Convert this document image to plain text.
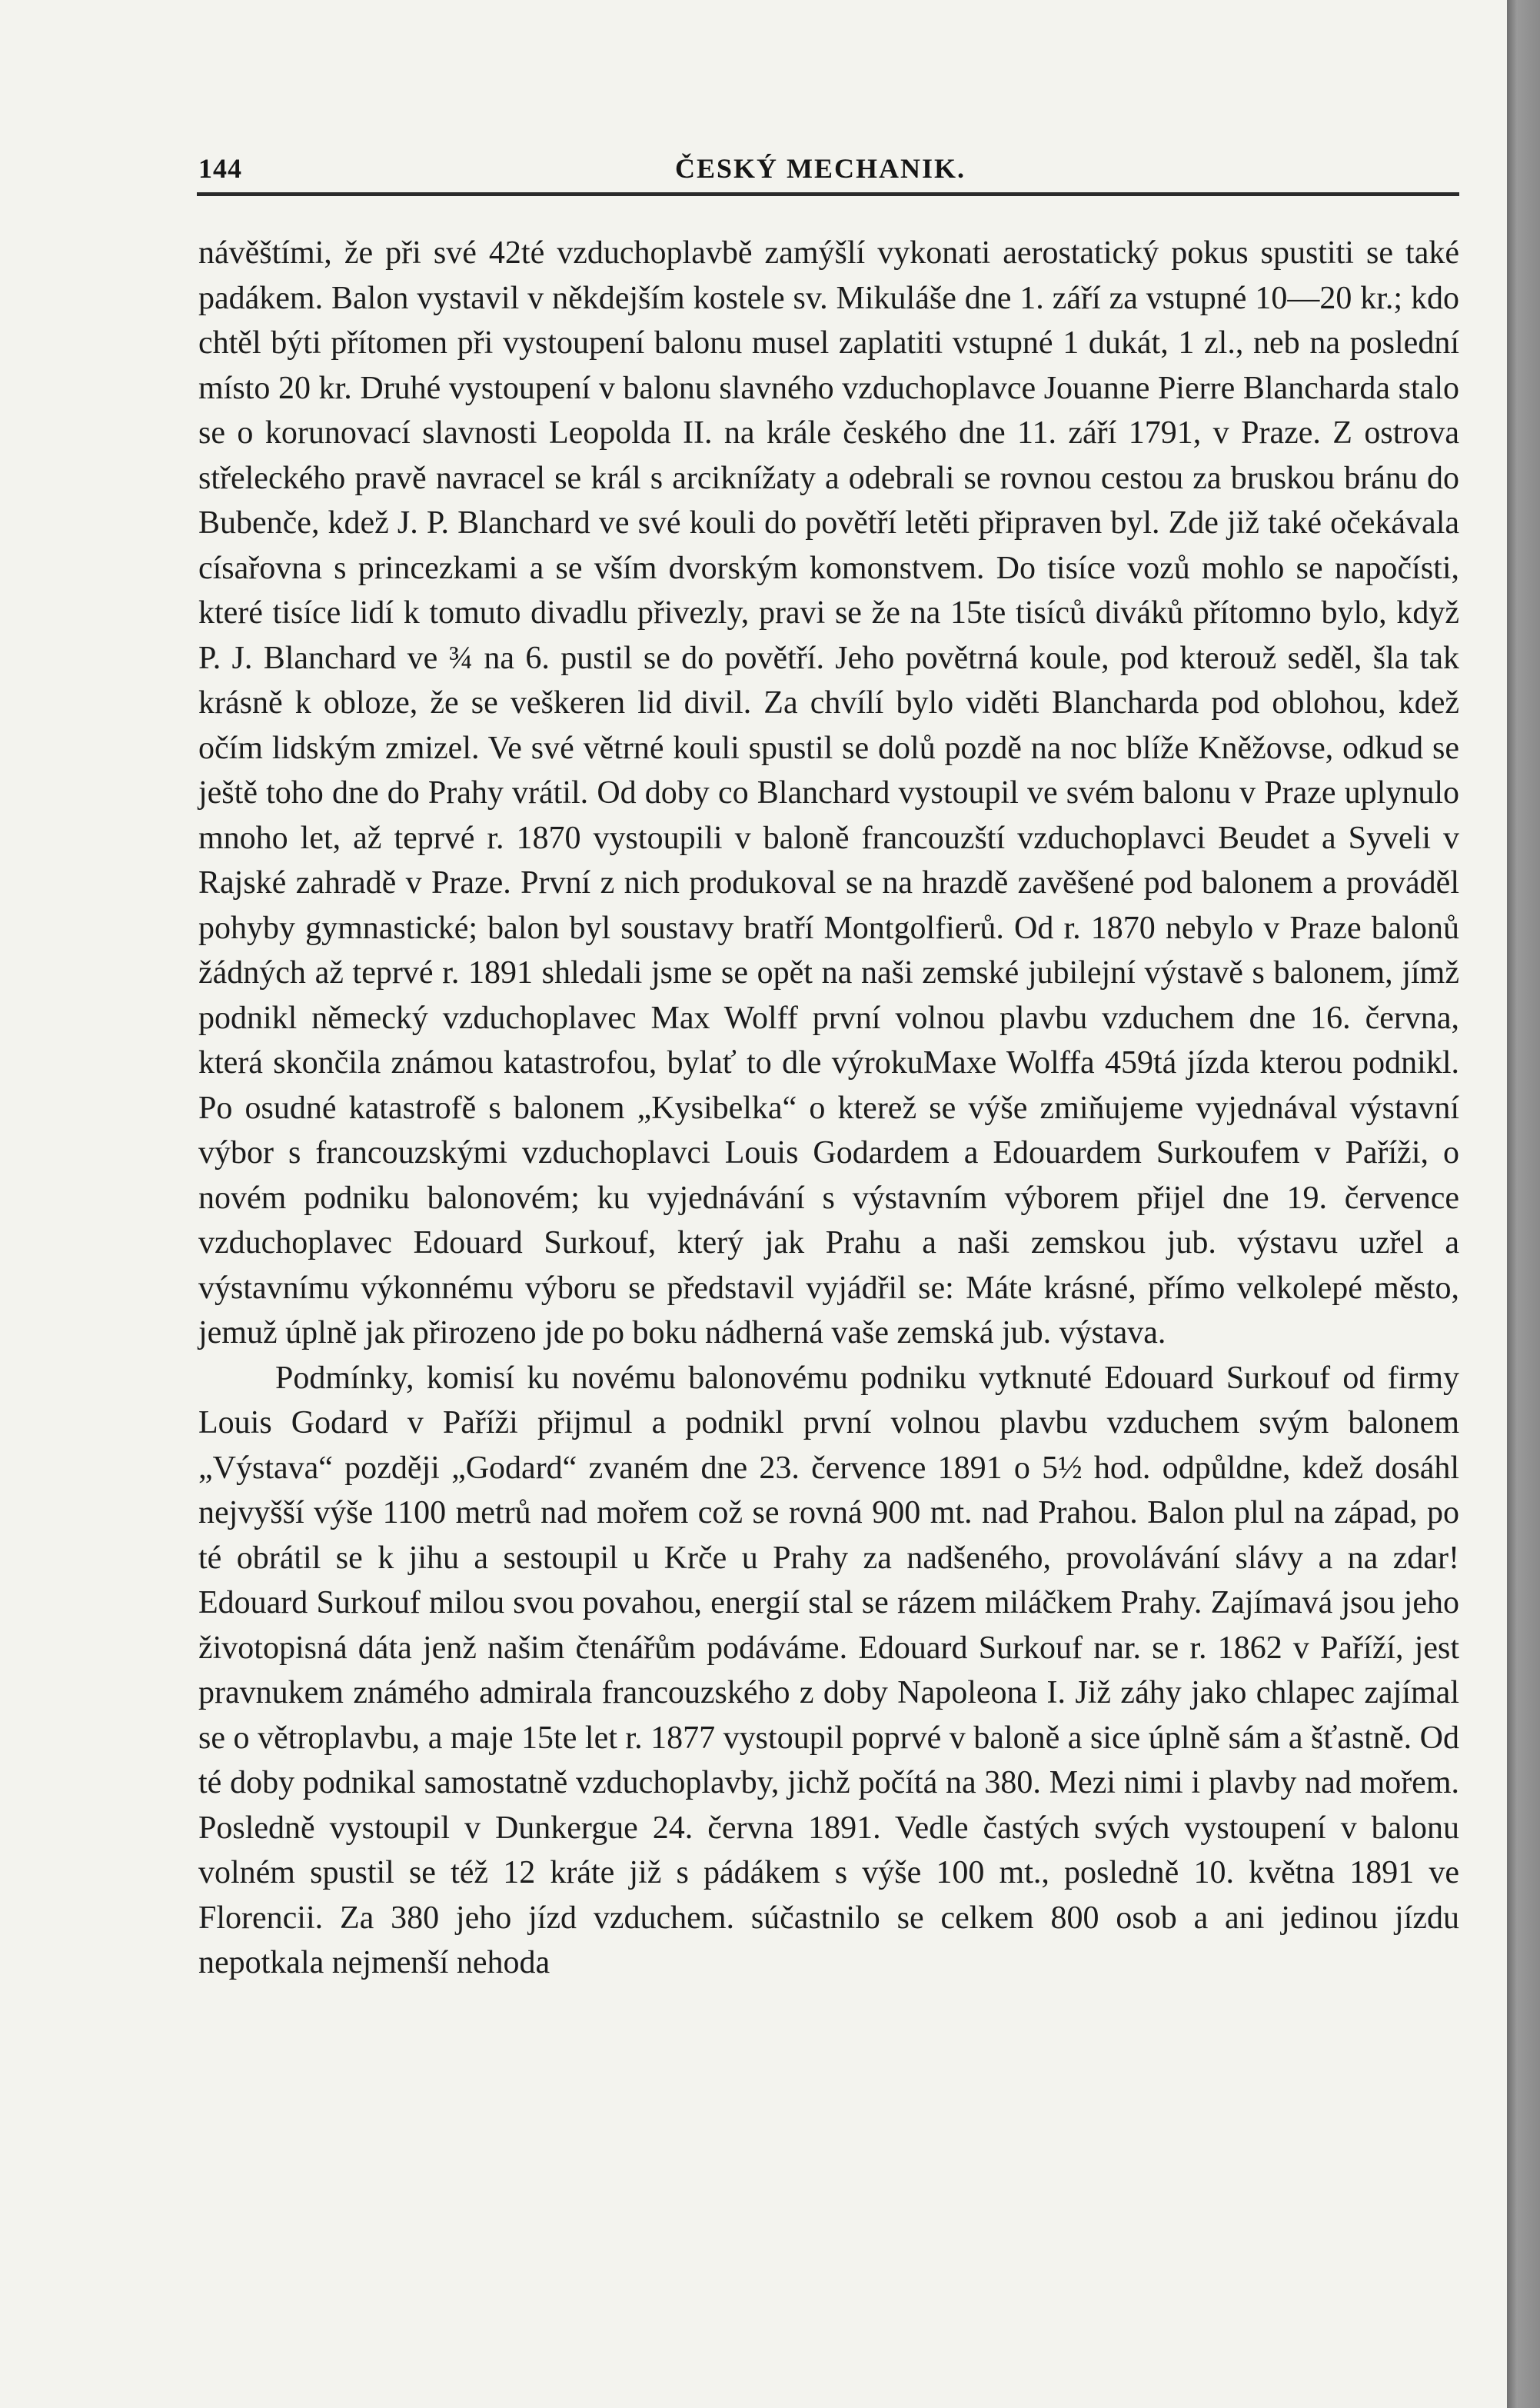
144	ČESKÝ MECHANIK.

návěštími, že při své 42té vzduchoplavbě zamýšlí vykonati aerostatický pokus spustiti se také padákem. Balon vystavil v někdejším kostele sv. Mikuláše dne 1. září za vstupné 10—20 kr.; kdo chtěl býti přítomen při vystoupení balonu musel zaplatiti vstupné 1 dukát, 1 zl., neb na poslední místo 20 kr. Druhé vystoupení v balonu slavného vzduchoplavce Jouanne Pierre Blancharda stalo se o korunovací slavnosti Leopolda II. na krále českého dne 11. září 1791, v Praze. Z ostrova střeleckého pravě navracel se král s arciknížaty a odebrali se rovnou cestou za bruskou bránu do Bubenče, kdež J. P. Blanchard ve své kouli do povětří letěti připraven byl. Zde již také očekávala císařovna s princezkami a se vším dvorským komonstvem. Do tisíce vozů mohlo se napočísti, které tisíce lidí k tomuto divadlu přivezly, pravi se že na 15te tisíců diváků přítomno bylo, když P. J. Blanchard ve ¾ na 6. pustil se do povětří. Jeho povětrná koule, pod kterouž seděl, šla tak krásně k obloze, že se veškeren lid divil. Za chvílí bylo viděti Blancharda pod oblohou, kdež očím lidským zmizel. Ve své větrné kouli spustil se dolů pozdě na noc blíže Kněžovse, odkud se ještě toho dne do Prahy vrátil. Od doby co Blanchard vystoupil ve svém balonu v Praze uplynulo mnoho let, až teprvé r. 1870 vystoupili v baloně francouzští vzduchoplavci Beudet a Syveli v Rajské zahradě v Praze. První z nich produkoval se na hrazdě zavěšené pod balonem a prováděl pohyby gymnastické; balon byl soustavy bratří Montgolfierů. Od r. 1870 nebylo v Praze balonů žádných až teprvé r. 1891 shledali jsme se opět na naši zemské jubilejní výstavě s balonem, jímž podnikl německý vzduchoplavec Max Wolff první volnou plavbu vzduchem dne 16. června, která skončila známou katastrofou, bylať to dle výrokuMaxe Wolffa 459tá jízda kterou podnikl. Po osudné katastrofě s balonem „Kysibelka“ o kterež se výše zmiňujeme vyjednával výstavní výbor s francouzskými vzduchoplavci Louis Godardem a Edouardem Surkoufem v Paříži, o novém podniku balonovém; ku vyjednávání s výstavním výborem přijel dne 19. července vzduchoplavec Edouard Surkouf, který jak Prahu a naši zemskou jub. výstavu uzřel a výstavnímu výkonnému výboru se představil vyjádřil se: Máte krásné, přímo velkolepé město, jemuž úplně jak přirozeno jde po boku nádherná vaše zemská jub. výstava.

Podmínky, komisí ku novému balonovému podniku vytknuté Edouard Surkouf od firmy Louis Godard v Paříži přijmul a podnikl první volnou plavbu vzduchem svým balonem „Výstava“ později „Godard“ zvaném dne 23. července 1891 o 5½ hod. odpůldne, kdež dosáhl nejvyšší výše 1100 metrů nad mořem což se rovná 900 mt. nad Prahou. Balon plul na západ, po té obrátil se k jihu a sestoupil u Krče u Prahy za nadšeného, provolávání slávy a na zdar! Edouard Surkouf milou svou povahou, energií stal se rázem miláčkem Prahy. Zajímavá jsou jeho životopisná dáta jenž našim čtenářům podáváme. Edouard Surkouf nar. se r. 1862 v Paříží, jest pravnukem známého admirala francouzského z doby Napoleona I. Již záhy jako chlapec zajímal se o větroplavbu, a maje 15te let r. 1877 vystoupil poprvé v baloně a sice úplně sám a šťastně. Od té doby podnikal samostatně vzduchoplavby, jichž počítá na 380. Mezi nimi i plavby nad mořem. Posledně vystoupil v Dunkergue 24. června 1891. Vedle častých svých vystoupení v balonu volném spustil se též 12 kráte již s pádákem s výše 100 mt., posledně 10. května 1891 ve Florencii. Za 380 jeho jízd vzduchem. súčastnilo se celkem 800 osob a ani jedinou jízdu nepotkala nejmenší nehoda
